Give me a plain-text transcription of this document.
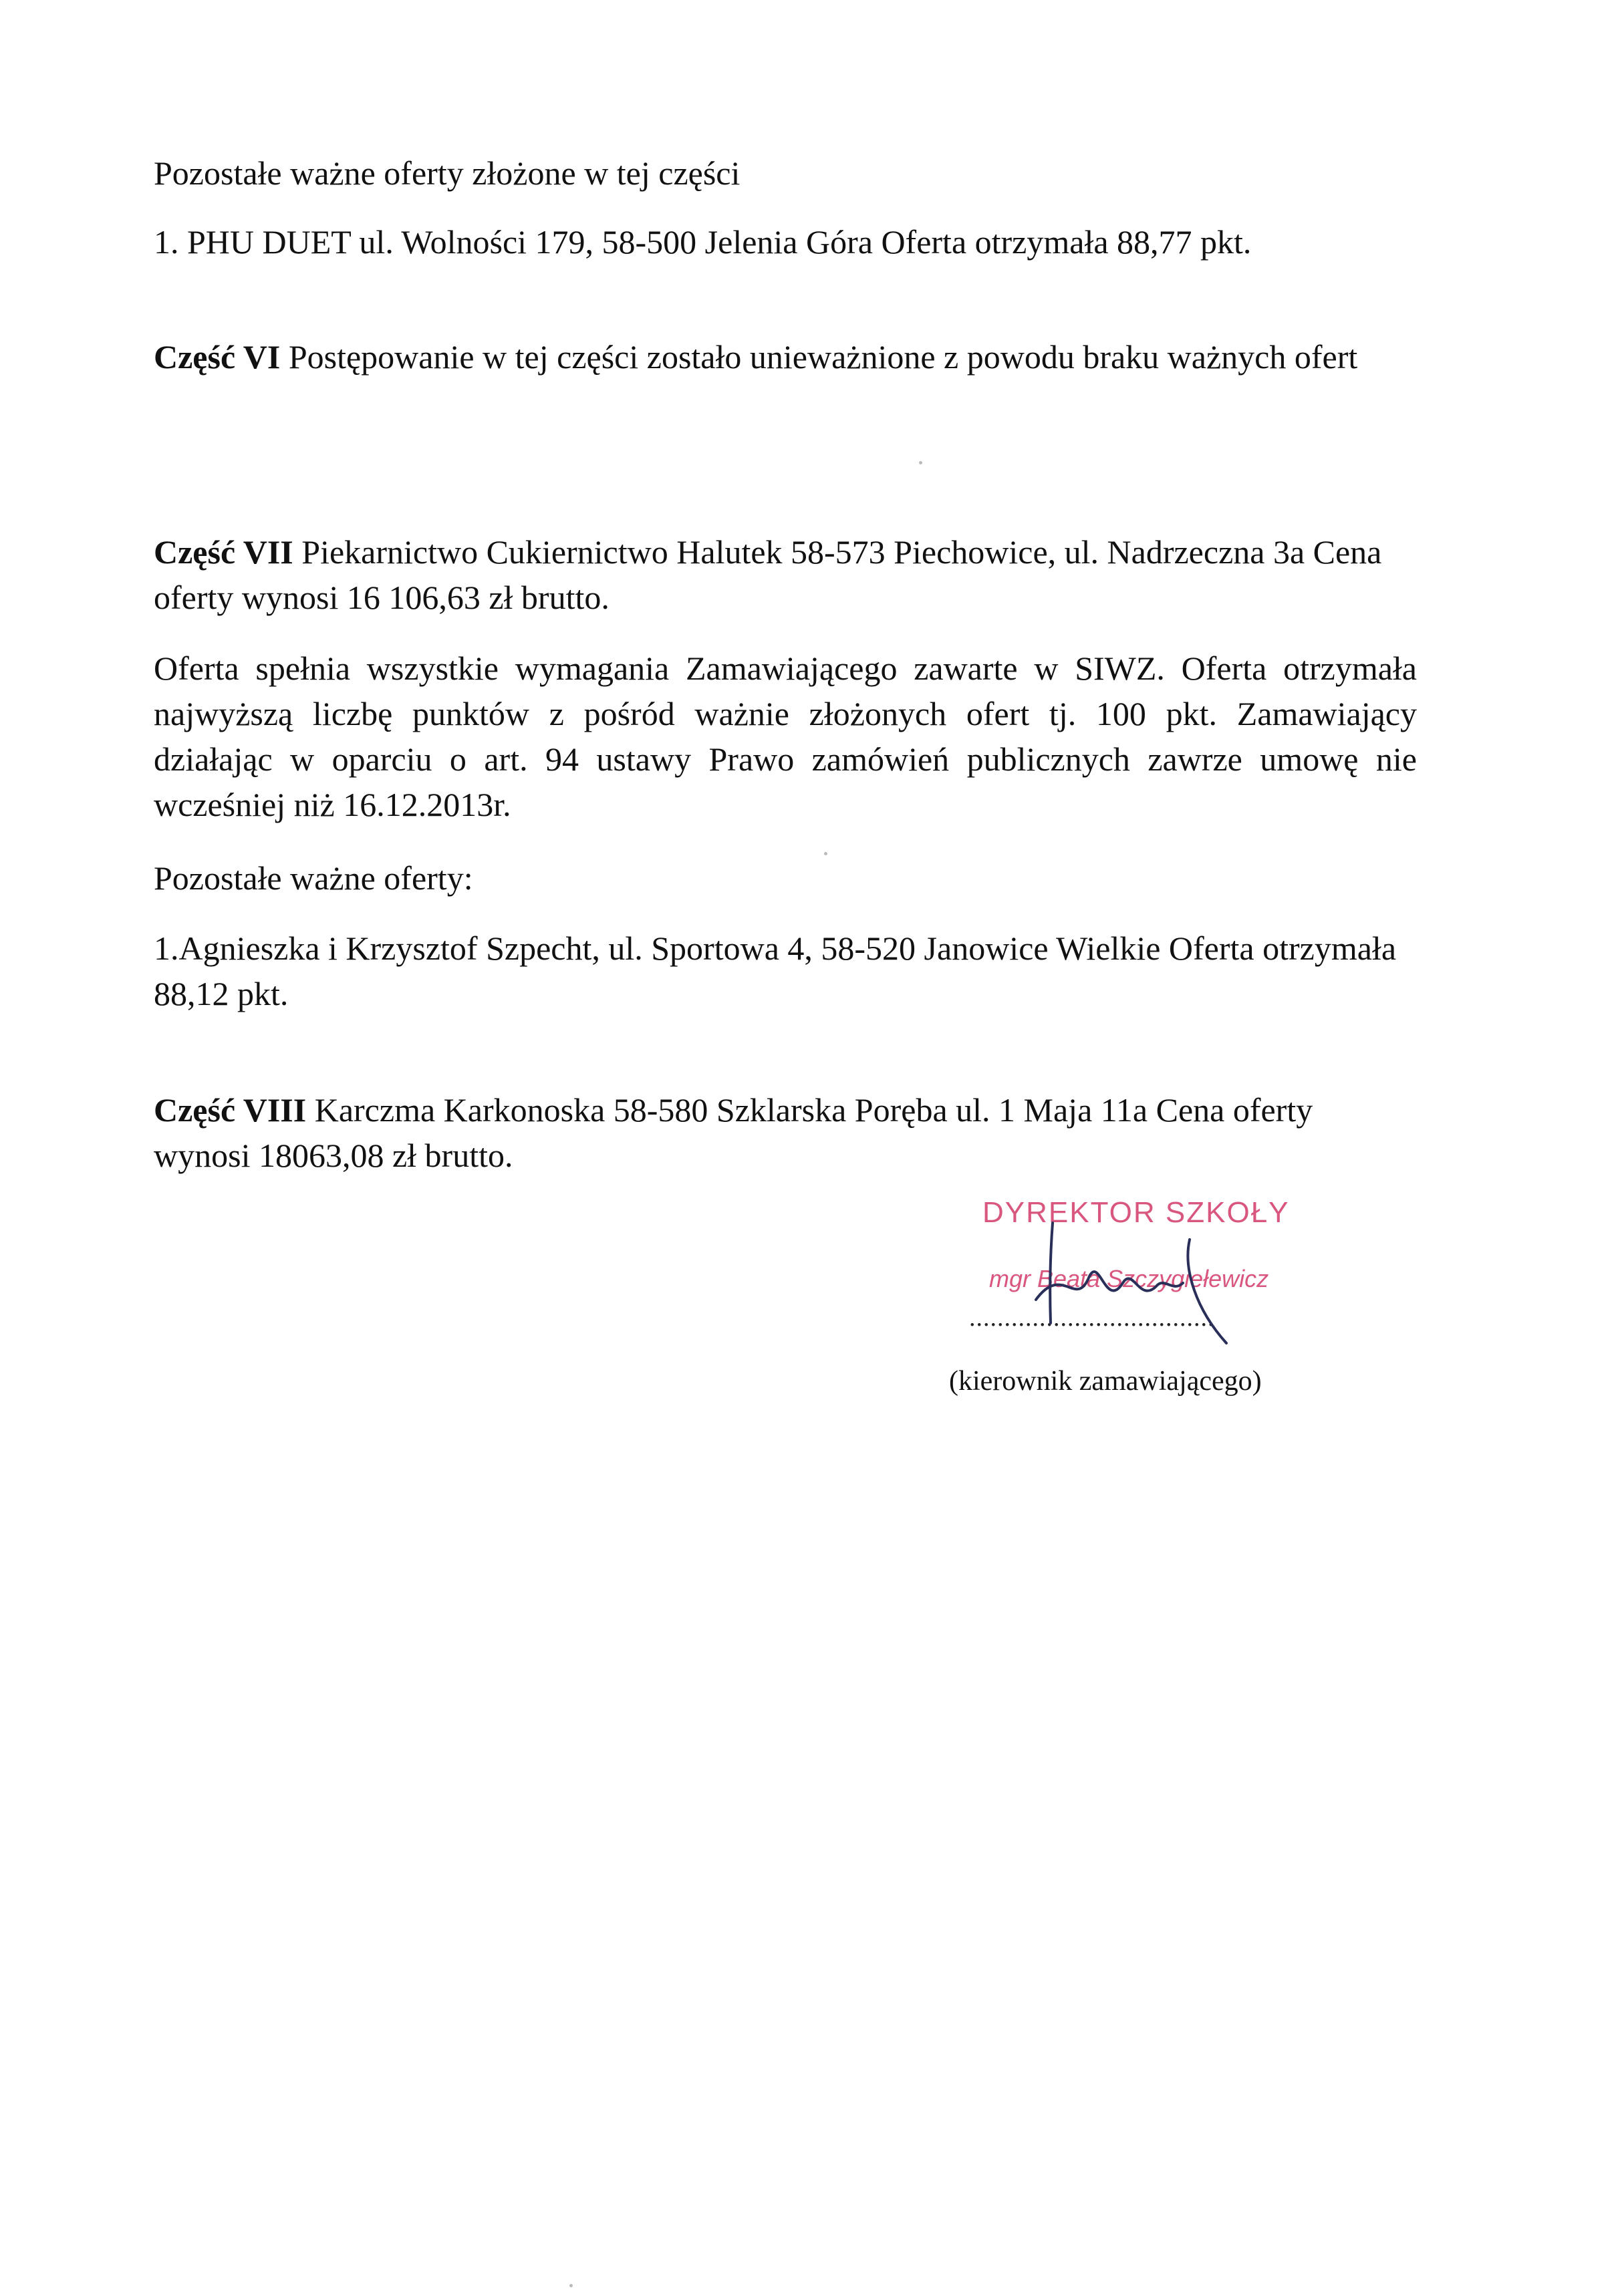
Pozostałe ważne oferty złożone w tej części

1. PHU DUET ul. Wolności 179, 58-500 Jelenia Góra Oferta otrzymała 88,77 pkt.

Część VI Postępowanie w tej części zostało unieważnione z powodu braku ważnych ofert

Część VII Piekarnictwo Cukiernictwo Halutek 58-573 Piechowice, ul. Nadrzeczna 3a Cena oferty wynosi 16 106,63 zł brutto.

Oferta spełnia wszystkie wymagania Zamawiającego zawarte w SIWZ. Oferta otrzymała najwyższą liczbę punktów z pośród ważnie złożonych ofert tj. 100 pkt. Zamawiający działając w oparciu o art. 94 ustawy Prawo zamówień publicznych zawrze umowę nie wcześniej niż 16.12.2013r.

Pozostałe ważne oferty:

1.Agnieszka i Krzysztof Szpecht, ul. Sportowa 4, 58-520 Janowice Wielkie Oferta otrzymała 88,12 pkt.

Część VIII Karczma Karkonoska 58-580 Szklarska Poręba ul. 1 Maja 11a Cena oferty wynosi 18063,08 zł brutto.

DYREKTOR SZKOŁY
mgr Beata Szczygiełewicz
...................................
(kierownik zamawiającego)
